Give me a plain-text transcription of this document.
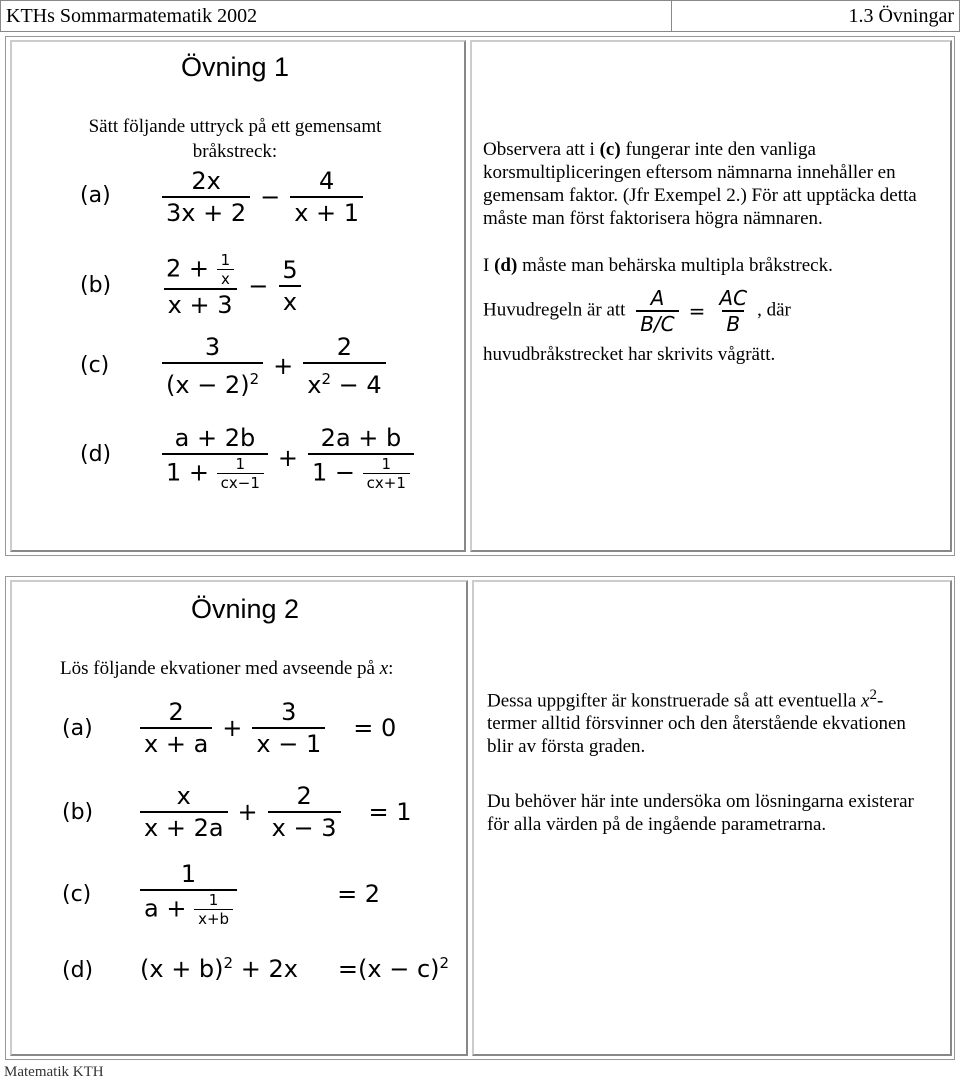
KTHs Sommarmatematik 2002	1.3 Övningar
Övning 1
Sätt följande uttryck på ett gemensamt bråkstreck:
$(a) \frac{2x}{3x + 2} - \frac{4}{x + 1}$
$(b) \frac{2 + \frac{1}{x}}{x + 3} - \frac{5}{x}$
$(c) \frac{3}{(x - 2)^2} + \frac{2}{x^2 - 4}$
$(d) \frac{a + 2b}{1 + \frac{1}{cx-1}} + \frac{2a + b}{1 - \frac{1}{cx+1}}$

Observera att i (c) fungerar inte den vanliga korsmultipliceringen eftersom nämnarna innehåller en gemensam faktor. (Jfr Exempel 2.) För att upptäcka detta måste man först faktorisera högra nämnaren.

I (d) måste man behärska multipla bråkstreck.

Huvudregeln är att $\frac{A}{B/C} = \frac{AC}{B}$ , där

huvudbråkstrecket har skrivits vågrätt.

Övning 2
Lös följande ekvationer med avseende på x:
$(a) \frac{2}{x + a} + \frac{3}{x - 1} = 0$
$(b) \frac{x}{x + 2a} + \frac{2}{x - 3} = 1$
$(c) \frac{1}{a + \frac{1}{x+b}}$	= 2
(d) $(x + b)^2 + 2x =(x - c)^2$

Dessa uppgifter är konstruerade så att eventuella $x^2$-termer alltid försvinner och den återstående ekvationen blir av första graden.

Du behöver här inte undersöka om lösningarna existerar för alla värden på de ingående parametrarna.

Matematik KTH
